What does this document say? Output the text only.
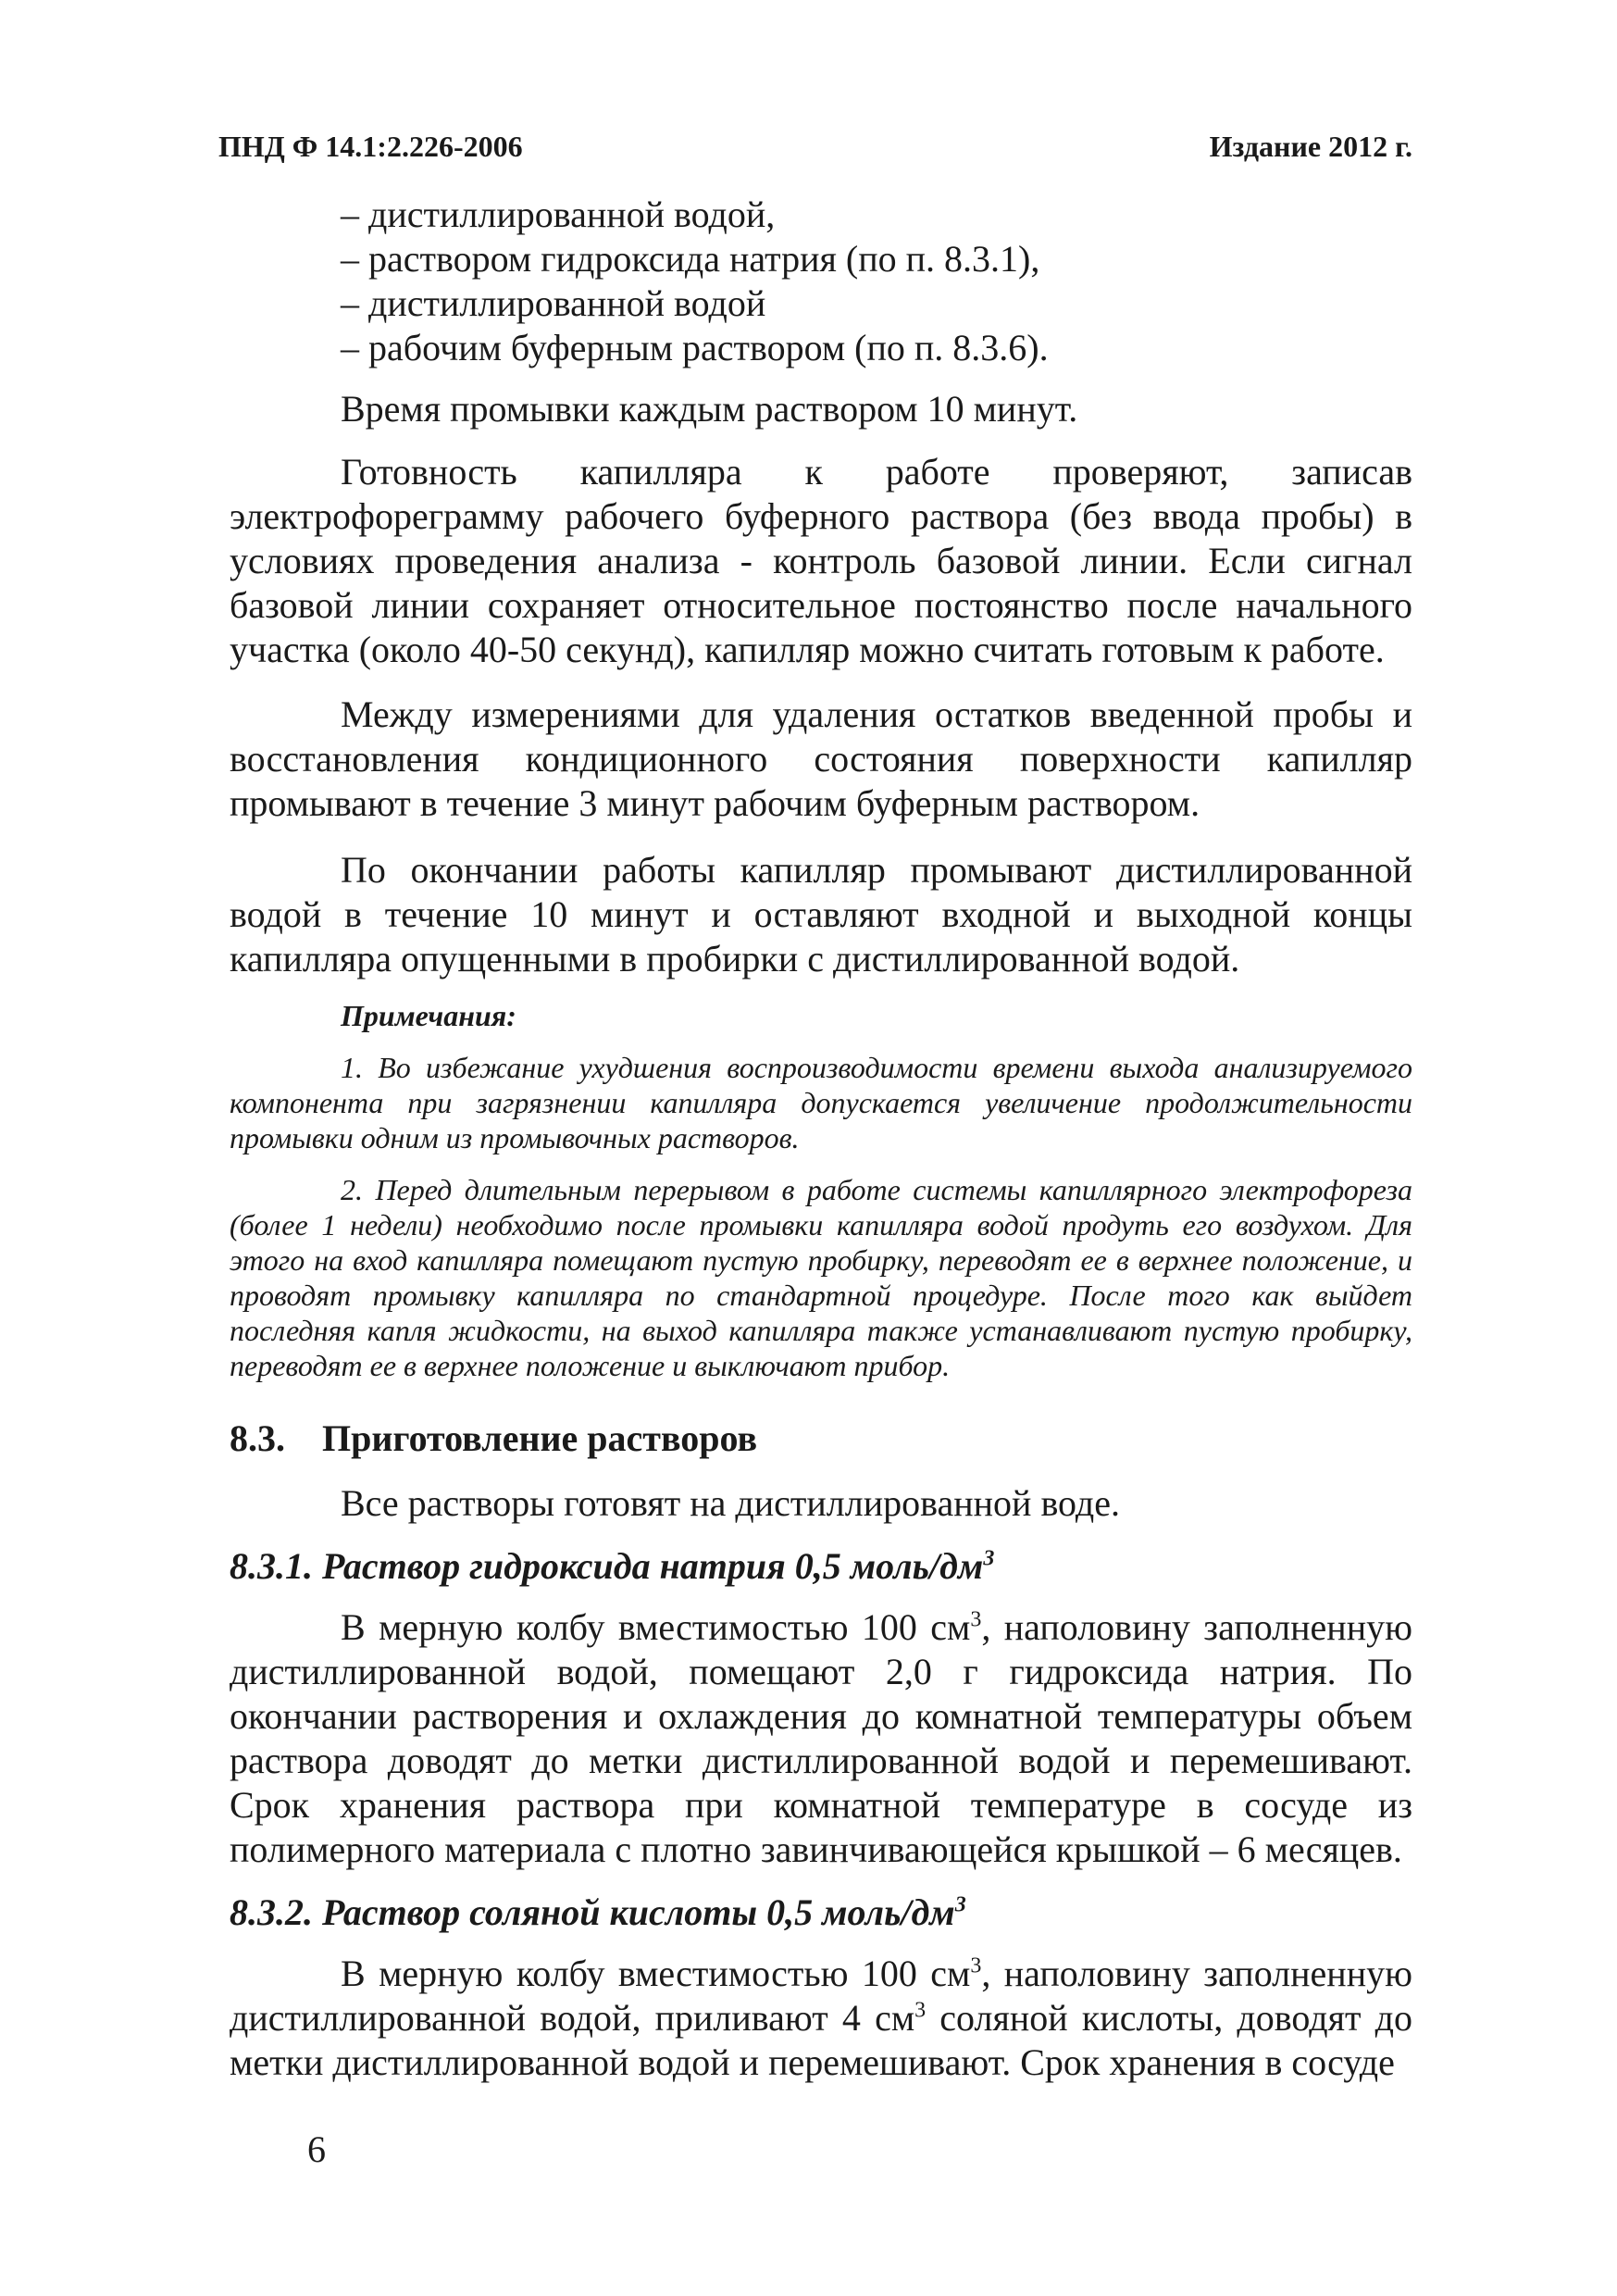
ПНД Ф 14.1:2.226-2006	Издание 2012 г.
– дистиллированной водой,
– раствором гидроксида натрия (по п. 8.3.1),
– дистиллированной водой
– рабочим буферным раствором (по п. 8.3.6).

Время промывки каждым раствором 10 минут.

Готовность капилляра к работе проверяют, записав электрофореграмму рабочего буферного раствора (без ввода пробы) в условиях проведения анализа - контроль базовой линии. Если сигнал базовой линии сохраняет относительное постоянство после начального участка (около 40-50 секунд), капилляр можно считать готовым к работе.

Между измерениями для удаления остатков введенной пробы и восстановления кондиционного состояния поверхности капилляр промывают в течение 3 минут рабочим буферным раствором.

По окончании работы капилляр промывают дистиллированной водой в течение 10 минут и оставляют входной и выходной концы капилляра опущенными в пробирки с дистиллированной водой.

Примечания:

1. Во избежание ухудшения воспроизводимости времени выхода анализируемого компонента при загрязнении капилляра допускается увеличение продолжительности промывки одним из промывочных растворов.

2. Перед длительным перерывом в работе системы капиллярного электрофореза (более 1 недели) необходимо после промывки капилляра водой продуть его воздухом. Для этого на вход капилляра помещают пустую пробирку, переводят ее в верхнее положение, и проводят промывку капилляра по стандартной процедуре. После того как выйдет последняя капля жидкости, на выход капилляра также устанавливают пустую пробирку, переводят ее в верхнее положение и выключают прибор.

8.3. Приготовление растворов

Все растворы готовят на дистиллированной воде.

8.3.1. Раствор гидроксида натрия 0,5 моль/$дм^3$

В мерную колбу вместимостью 100 $см^3$, наполовину заполненную дистиллированной водой, помещают 2,0 г гидроксида натрия. По окончании растворения и охлаждения до комнатной температуры объем раствора доводят до метки дистиллированной водой и перемешивают. Срок хранения раствора при комнатной температуре в сосуде из полимерного материала с плотно завинчивающейся крышкой – 6 месяцев.

8.3.2. Раствор соляной кислоты 0,5 моль/$дм^3$

В мерную колбу вместимостью 100 $см^3$, наполовину заполненную дистиллированной водой, приливают 4 $см^3$ соляной кислоты, доводят до метки дистиллированной водой и перемешивают. Срок хранения в сосуде

6
